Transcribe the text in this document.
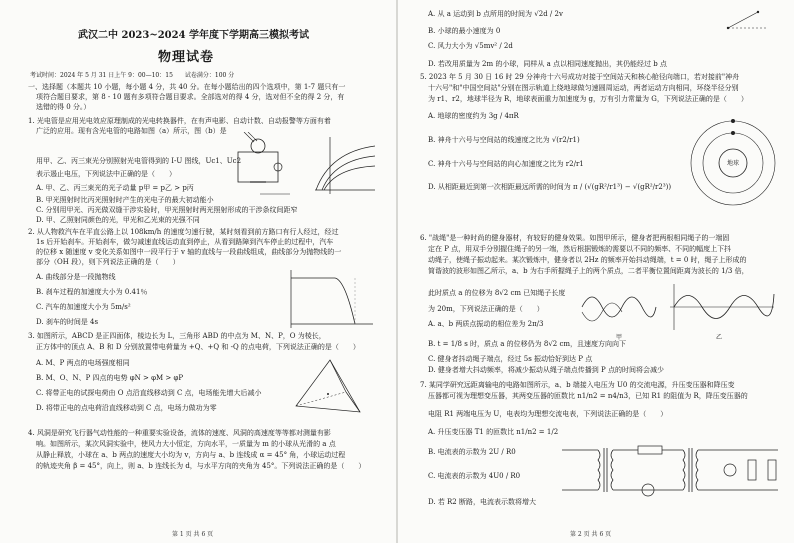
武汉二中 2023~2024 学年度下学期高三模拟考试
物理试卷
考试时间：2024 年 5 月 31 日上午 9：00—10：15　　试卷满分：100 分
一、选择题（本题共 10 小题，每小题 4 分，共 40 分。在每小题给出的四个选项中，第 1-7 题只有一
项符合题目要求，第 8 - 10 题有多项符合题目要求。全部选对的得 4 分，选对但不全的得 2 分，有
选错的得 0 分。）
1. 光电管是应用光电效应原理制成的光电转换器件，在有声电影、自动计数、自动报警等方面有着
广泛的应用。现有含光电管的电路如图（a）所示，图（b）是
用甲、乙、丙三束光分别照射光电管得到的 I-U 图线，Uc1、Uc2
表示遏止电压，下列说法中正确的是（　　）
A. 甲、乙、丙三束光的光子动量 p甲 = p乙 > p丙
B. 甲光照射时比丙光照射时产生的光电子的最大初动能小
C. 分别用甲光、丙光做双缝干涉实验时，甲光照射时两光照射形成的干涉条纹间距窄
D. 甲、乙照射同颜色的光，甲光和乙光束的光强不同
2. 从人物救汽车在平直公路上以 108km/h 的速度匀速行驶，某时刻看到前方路口有行人经过，经过
1s 后开始刹车。开始刹车，做匀减速直线运动直到停止，从看到路障到汽车停止的过程中，汽车
的位移 x 随速度 v 变化关系如图中一段平行于 v 轴的直线与一段曲线组成，曲线部分为抛物线的一
部分（OH 段），则下列说法正确的是（　　）
A. 曲线部分是一段抛物线
B. 刹车过程的加速度大小为 0.41％
C. 汽车的加速度大小为 5m/s²
D. 刹车的时间是 4s
3. 如图所示，ABCD 是正四面体，棱边长为 L，三角形 ABD 的中点为 M、N、P，O 为棱长，
正方体中的顶点 A、B 和 D 分别放置带电荷量为 +Q、+Q 和 -Q 的点电荷，下列说法正确的是（　　）
A. M、P 两点的电场强度相同
B. M、O、N、P 四点的电势 φN > φM > φP
C. 将带正电的试探电荷由 O 点沿直线移动到 C 点，电场能先增大后减小
D. 将带正电的点电荷沿直线移动到 C 点，电场力做功为零
4. 风洞是研究飞行器气动性能的一种重要实验设备，流体的速度、风洞的高速度等等都对测量有影
响。如图所示，某次风洞实验中，使风力大小恒定，方向水平，一质量为 m 的小球从光滑的 a 点
从静止释放，小球在 a、b 两点的速度大小均为 v，方向与 a、b 连线成 α = 45° 角，小球运动过程
的轨迹夹角 β = 45°，向上，则 a、b 连线长为 d，与水平方向的夹角为 45°。下列说法正确的是（　　）
第 1 页 共 6 页
A. 从 a 运动到 b 点所用的时间为 √2d / 2v
B. 小球的最小速度为 0
C. 风力大小为 √5mv² / 2d
D. 若改用质量为 2m 的小球，同样从 a 点以相同速度抛出，其仍能经过 b 点
5. 2023 年 5 月 30 日 16 时 29 分神舟十六号成功对接于空间站天和核心舱径向端口，若对接前"神舟
十六号"和"中国空间站"分别在图示轨道上绕地球做匀速圆周运动，两者运动方向相同，环绕半径分别
为 r1、r2，地球半径为 R，地球表面重力加速度为 g，万有引力常量为 G，下列说法正确的是（　　）
A. 地球的密度约为 3g / 4πR
B. 神舟十六号与空间站的线速度之比为 √(r2/r1)
C. 神舟十六号与空间站的向心加速度之比为 r2/r1
D. 从相距最近到第一次相距最远所需的时间为 π / (√(gR²/r1³) − √(gR²/r2³))
地球
6. "战绳"是一种时尚的健身器材，有较好的健身效果。如图甲所示，健身者把两根相同绳子的一端固
定在 P 点，用双手分别握住绳子的另一端，然后根据锻炼的需要以不同的频率、不同的幅度上下抖
动绳子，使绳子振动起来。某次锻炼中，健身者以 2Hz 的频率开始抖动绳端，t = 0 时，绳子上形成的
简谐波的波形如图乙所示，a、b 为右手所握绳子上的两个质点，二者平衡位置间距离为波长的 1/3 倍，
此时质点 a 的位移为 8√2 cm 已知绳子长度
为 20m，下列说法正确的是（　　）
甲	乙
A. a、b 两质点振动的相位差为 2π/3
B. t = 1/8 s 时，质点 a 的位移仍为 8√2 cm，且速度方向向下
C. 健身者抖动绳子端点，经过 5s 振动恰好到达 P 点
D. 健身者增大抖动频率，将减少振动从绳子端点传播到 P 点的时间将会减少
7. 某同学研究远距离输电的电路如图所示，a、b 端接入电压为 U0 的交流电源，升压变压器和降压变
压器都可视为理想变压器，其两变压器的匝数比 n1/n2 = n4/n3，已知 R1 的阻值为 R，降压变压器的
电阻 R1 两端电压为 U，电表均为理想交流电表，下列说法正确的是（　　）
A. 升压变压器 T1 的匝数比 n1/n2 = 1/2
B. 电流表的示数为 2U / R0
C. 电流表的示数为 4U0 / R0
D. 若 R2 断路，电流表示数将增大
第 2 页 共 6 页
